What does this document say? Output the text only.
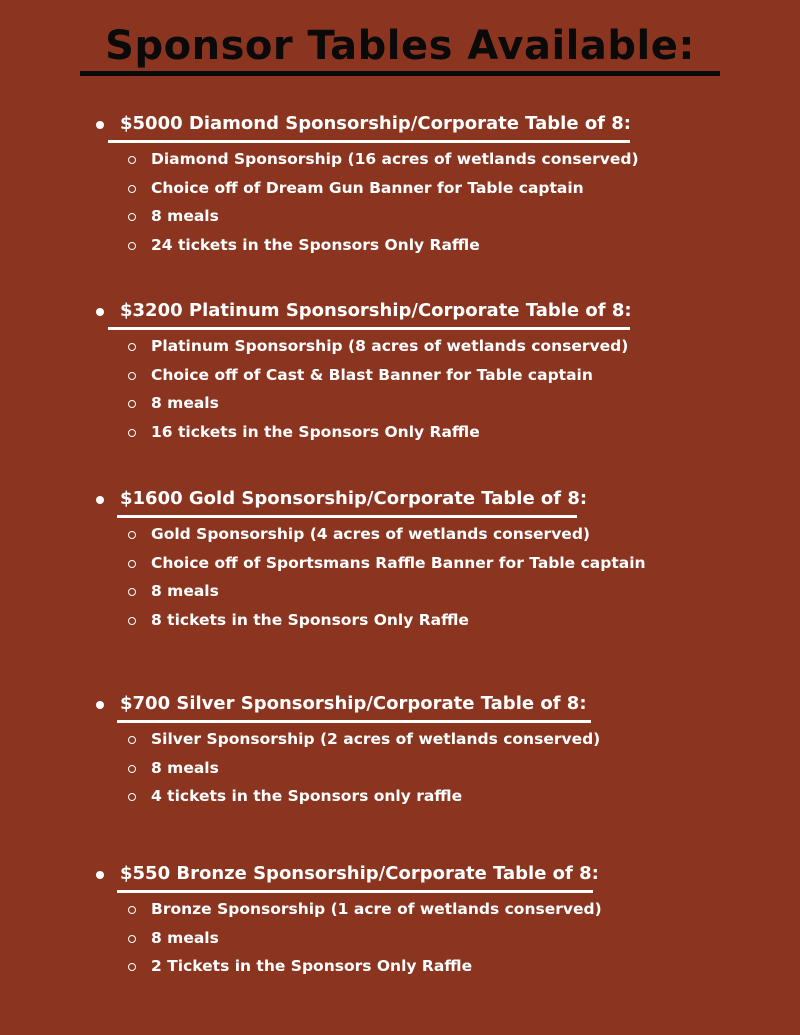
Sponsor Tables Available:
$5000 Diamond Sponsorship/Corporate Table of 8:
Diamond Sponsorship (16 acres of wetlands conserved)
Choice off of Dream Gun Banner for Table captain
8 meals
24 tickets in the Sponsors Only Raffle
$3200 Platinum Sponsorship/Corporate Table of 8:
Platinum Sponsorship (8 acres of wetlands conserved)
Choice off of Cast & Blast Banner for Table captain
8 meals
16 tickets in the Sponsors Only Raffle
$1600 Gold Sponsorship/Corporate Table of 8:
Gold Sponsorship (4 acres of wetlands conserved)
Choice off of Sportsmans Raffle Banner for Table captain
8 meals
8 tickets in the Sponsors Only Raffle
$700 Silver Sponsorship/Corporate Table of 8:
Silver Sponsorship (2 acres of wetlands conserved)
8 meals
4 tickets in the Sponsors only raffle
$550 Bronze Sponsorship/Corporate Table of 8:
Bronze Sponsorship (1 acre of wetlands conserved)
8 meals
2 Tickets in the Sponsors Only Raffle
